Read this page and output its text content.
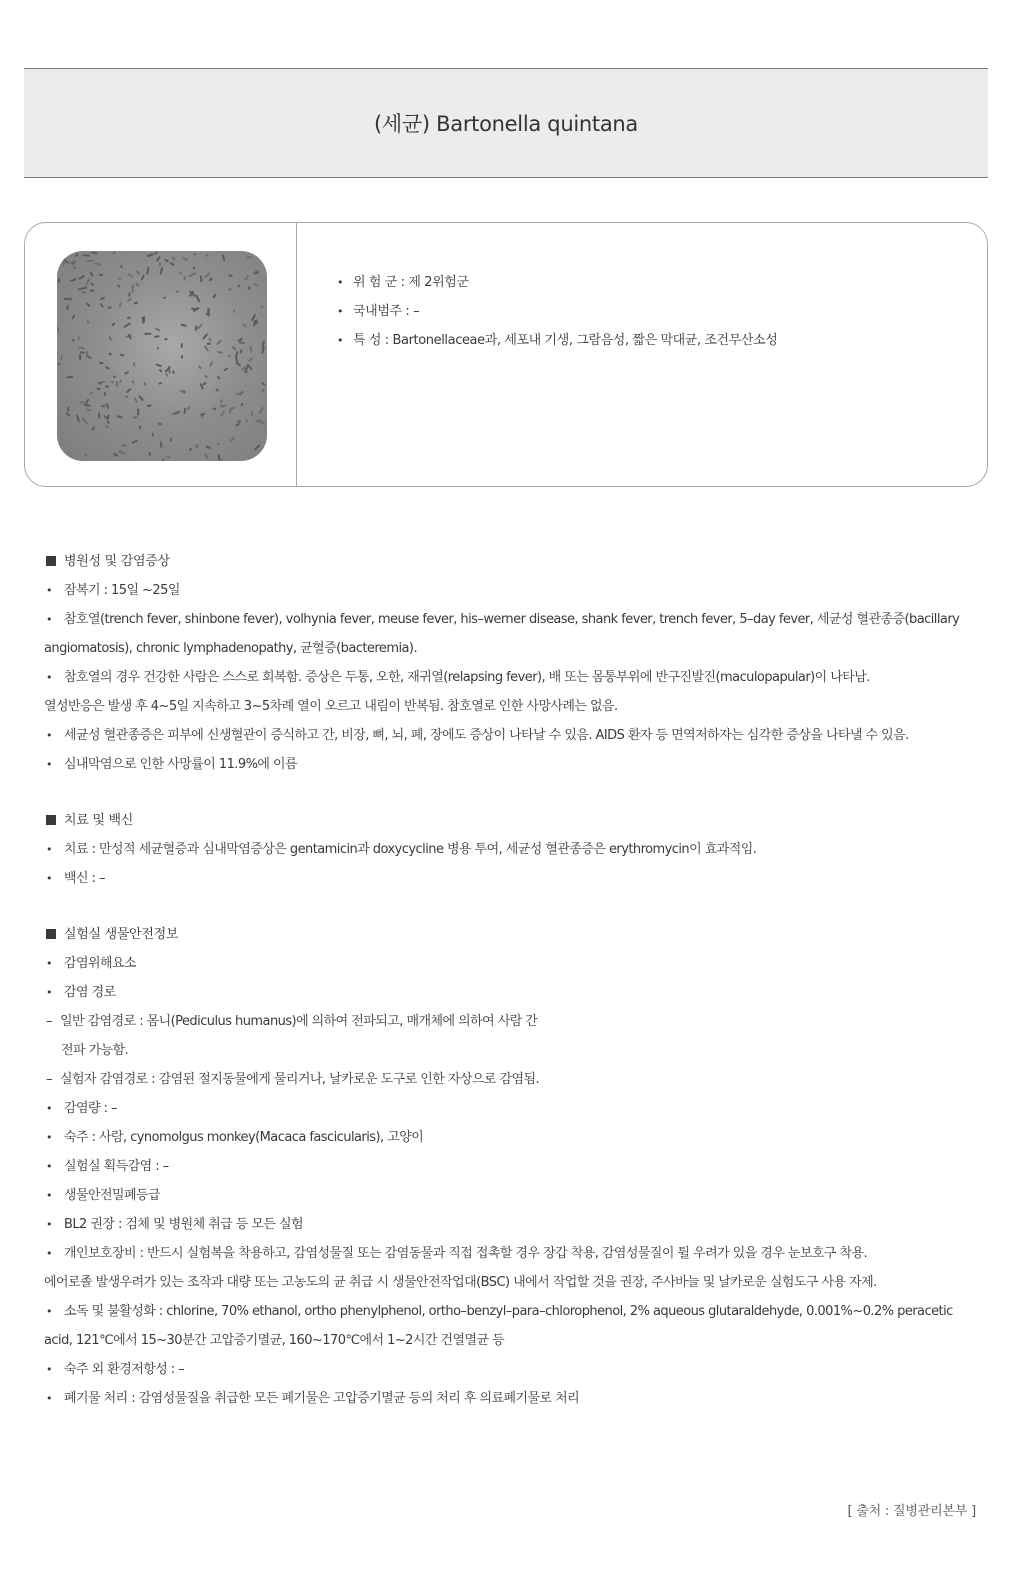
(세균) Bartonella quintana
• 위 험 군 : 제 2위험군
• 국내범주 : –
• 특 성 : Bartonellaceae과, 세포내 기생, 그람음성, 짧은 막대균, 조건무산소성

병원성 및 감염증상

• 잠복기 : 15일 ~25일

• 참호열(trench fever, shinbone fever), volhynia fever, meuse fever, his–werner disease, shank fever, trench fever, 5–day fever, 세균성 혈관종증(bacillary

angiomatosis), chronic lymphadenopathy, 균혈증(bacteremia).

• 참호열의 경우 건강한 사람은 스스로 회복함. 증상은 두통, 오한, 재귀열(relapsing fever), 배 또는 몸통부위에 반구진발진(maculopapular)이 나타남.

열성반응은 발생 후 4~5일 지속하고 3~5차례 열이 오르고 내림이 반복됨. 참호열로 인한 사망사례는 없음.

• 세균성 혈관종증은 피부에 신생혈관이 증식하고 간, 비장, 뼈, 뇌, 폐, 장에도 증상이 나타날 수 있음. AIDS 환자 등 면역저하자는 심각한 증상을 나타낼 수 있음.

• 심내막염으로 인한 사망률이 11.9%에 이름

치료 및 백신

• 치료 : 만성적 세균혈증과 심내막염증상은 gentamicin과 doxycycline 병용 투여, 세균성 혈관종증은 erythromycin이 효과적임.

• 백신 : –

실험실 생물안전정보

• 감염위해요소

• 감염 경로

– 일반 감염경로 : 몸니(Pediculus humanus)에 의하여 전파되고, 매개체에 의하여 사람 간

전파 가능함.

– 실험자 감염경로 : 감염된 절지동물에게 물리거나, 날카로운 도구로 인한 자상으로 감염됨.

• 감염량 : –

• 숙주 : 사람, cynomolgus monkey(Macaca fascicularis), 고양이

• 실험실 획득감염 : –

• 생물안전밀폐등급

• BL2 권장 : 검체 및 병원체 취급 등 모든 실험

• 개인보호장비 : 반드시 실험복을 착용하고, 감염성물질 또는 감염동물과 직접 접촉할 경우 장갑 착용, 감염성물질이 튈 우려가 있을 경우 눈보호구 착용.

에어로졸 발생우려가 있는 조작과 대량 또는 고농도의 균 취급 시 생물안전작업대(BSC) 내에서 작업할 것을 권장, 주사바늘 및 날카로운 실험도구 사용 자제.

• 소독 및 불활성화 : chlorine, 70% ethanol, ortho phenylphenol, ortho–benzyl–para–chlorophenol, 2% aqueous glutaraldehyde, 0.001%~0.2% peracetic

acid, 121℃에서 15~30분간 고압증기멸균, 160~170℃에서 1~2시간 건열멸균 등

• 숙주 외 환경저항성 : –

• 폐기물 처리 : 감염성물질을 취급한 모든 폐기물은 고압증기멸균 등의 처리 후 의료폐기물로 처리

[ 출처 : 질병관리본부 ]
